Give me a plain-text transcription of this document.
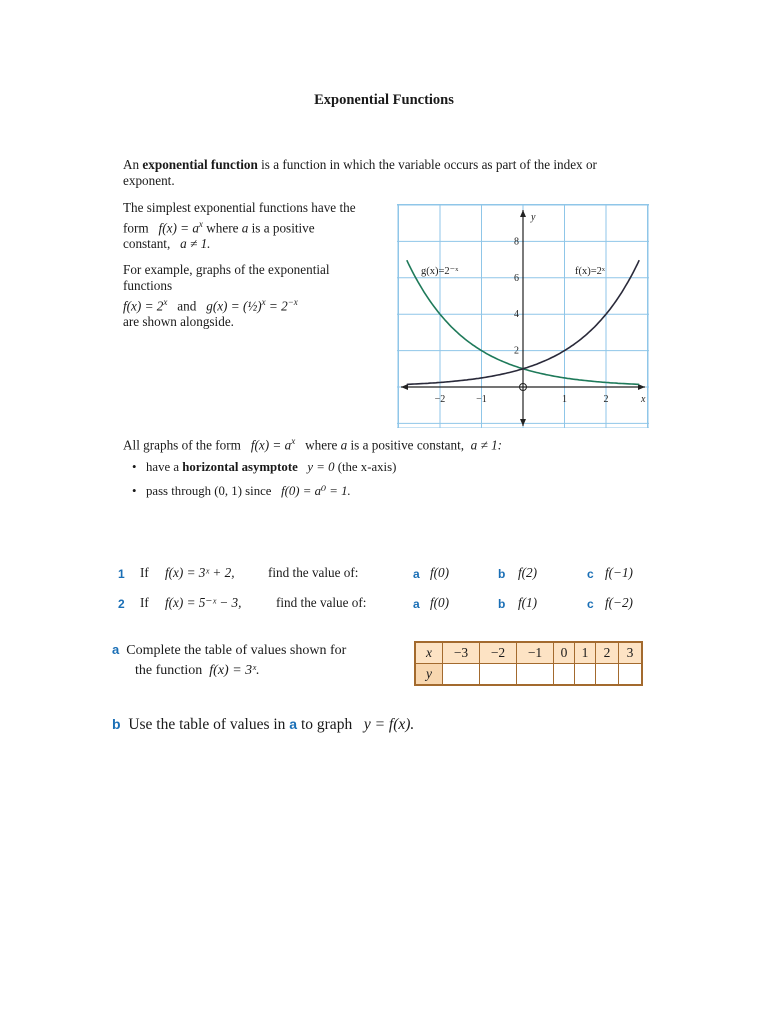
Exponential Functions
An exponential function is a function in which the variable occurs as part of the index or exponent.
The simplest exponential functions have the
form   $f(x) = a^x$ where a is a positive
constant,   a ≠ 1.
For example, graphs of the exponential
functions
$f(x) = 2^x$   and   g(x) = (½)$^x$ = $2^{-x}$
are shown alongside.
−2	−1	1	2
2
4
6
8
x
y
g(x)=2⁻ˣ	f(x)=2ˣ
All graphs of the form   $f(x) = a^x$   where a is a positive constant,  a ≠ 1:
• have a horizontal asymptote y = 0 (the x-axis)
• pass through (0, 1) since   f(0) = a⁰ = 1.
1 If f(x) = 3ˣ + 2,	find the value of:	a f(0)	b f(2)	c f(−1)
2 If f(x) = 5⁻ˣ − 3,	find the value of:	a f(0)	b f(1)	c f(−2)
a Complete the table of values shown for
the function  f(x) = 3ˣ.
x	−3	−2	−1	0	1	2	3
y							
b Use the table of values in a to graph   y = f(x).
